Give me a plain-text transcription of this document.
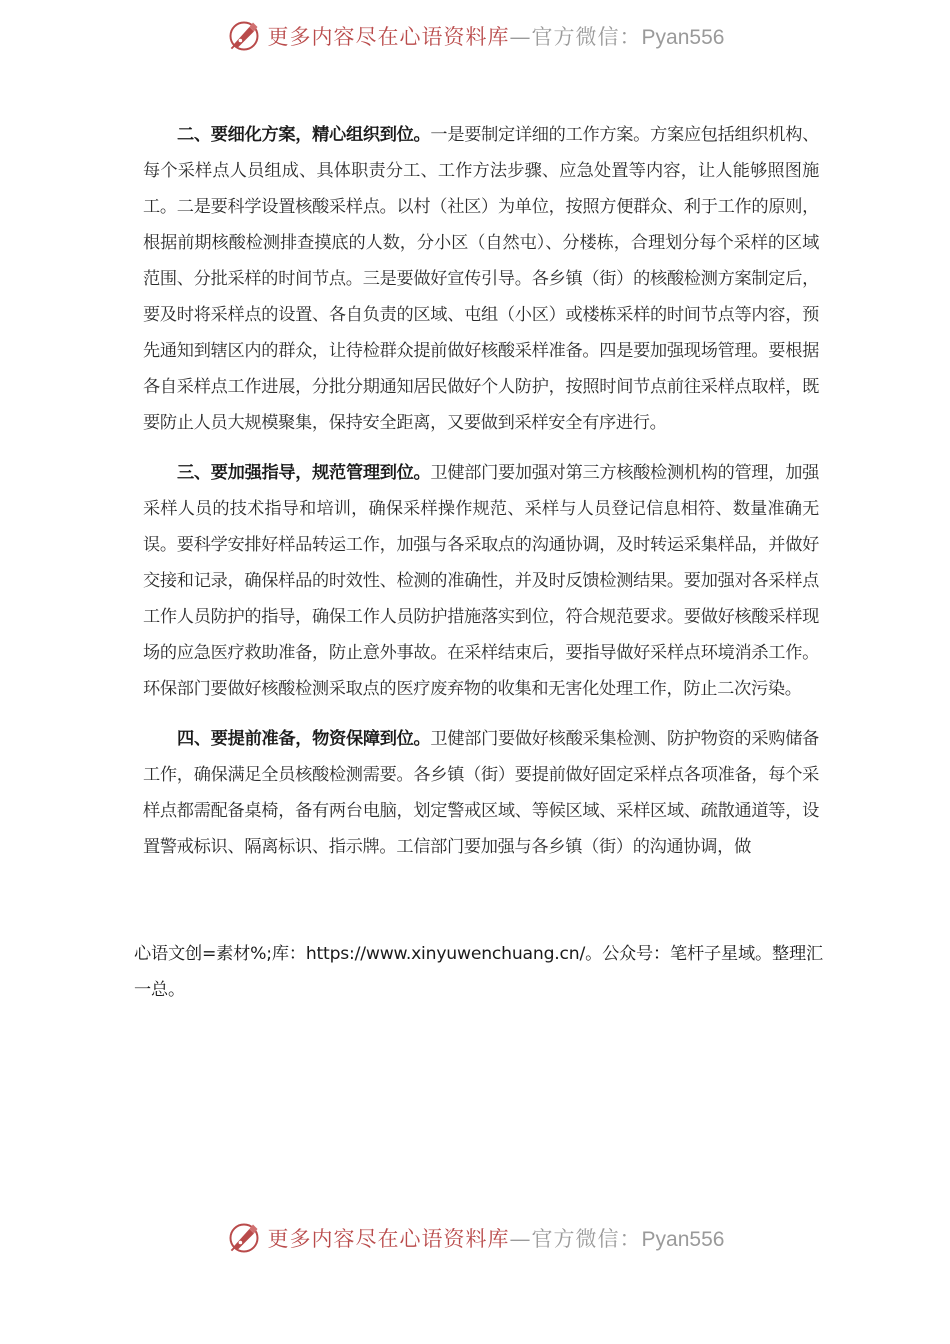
更多内容尽在心语资料库—官方微信：Pyan556

二、要细化方案，精心组织到位。一是要制定详细的工作方案。方案应包括组织机构、每个采样点人员组成、具体职责分工、工作方法步骤、应急处置等内容，让人能够照图施工。二是要科学设置核酸采样点。以村（社区）为单位，按照方便群众、利于工作的原则，根据前期核酸检测排查摸底的人数，分小区（自然屯）、分楼栋，合理划分每个采样的区域范围、分批采样的时间节点。三是要做好宣传引导。各乡镇（街）的核酸检测方案制定后，要及时将采样点的设置、各自负责的区域、屯组（小区）或楼栋采样的时间节点等内容，预先通知到辖区内的群众，让待检群众提前做好核酸采样准备。四是要加强现场管理。要根据各自采样点工作进展，分批分期通知居民做好个人防护，按照时间节点前往采样点取样，既要防止人员大规模聚集，保持安全距离，又要做到采样安全有序进行。

三、要加强指导，规范管理到位。卫健部门要加强对第三方核酸检测机构的管理，加强采样人员的技术指导和培训，确保采样操作规范、采样与人员登记信息相符、数量准确无误。要科学安排好样品转运工作，加强与各采取点的沟通协调，及时转运采集样品，并做好交接和记录，确保样品的时效性、检测的准确性，并及时反馈检测结果。要加强对各采样点工作人员防护的指导，确保工作人员防护措施落实到位，符合规范要求。要做好核酸采样现场的应急医疗救助准备，防止意外事故。在采样结束后，要指导做好采样点环境消杀工作。环保部门要做好核酸检测采取点的医疗废弃物的收集和无害化处理工作，防止二次污染。

四、要提前准备，物资保障到位。卫健部门要做好核酸采集检测、防护物资的采购储备工作，确保满足全员核酸检测需要。各乡镇（街）要提前做好固定采样点各项准备，每个采样点都需配备桌椅，备有两台电脑，划定警戒区域、等候区域、采样区域、疏散通道等，设置警戒标识、隔离标识、指示牌。工信部门要加强与各乡镇（街）的沟通协调，做

心语文创=素材%;库：https://www.xinyuwenchuang.cn/。公众号：笔杆子星域。整理汇一总。
更多内容尽在心语资料库—官方微信：Pyan556
